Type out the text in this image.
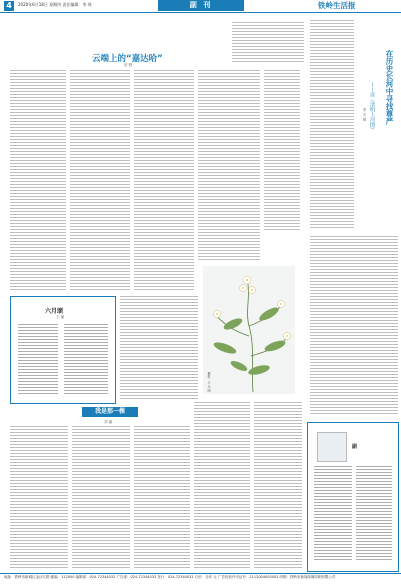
4	2020年6月18日 星期四 责任编辑：李 瑶	副 刊	铁岭生活报
云端上的“嘉达哈”
田 野	在历史长河中寻找尊严
——读《清明上河图》
李 文 斌
摄影：王 永 刚
六月颂
王 丽
我是那一棵
刘 丽
副
地址：铁岭市新城区金沙江路 邮编：112000 编辑部：024-72344032 广告部：024-72344033 发行：024-72344031 订价：全年 元 广告经营许可证号：2112004000002 印刷：铁岭市新闻传媒印刷有限公司
